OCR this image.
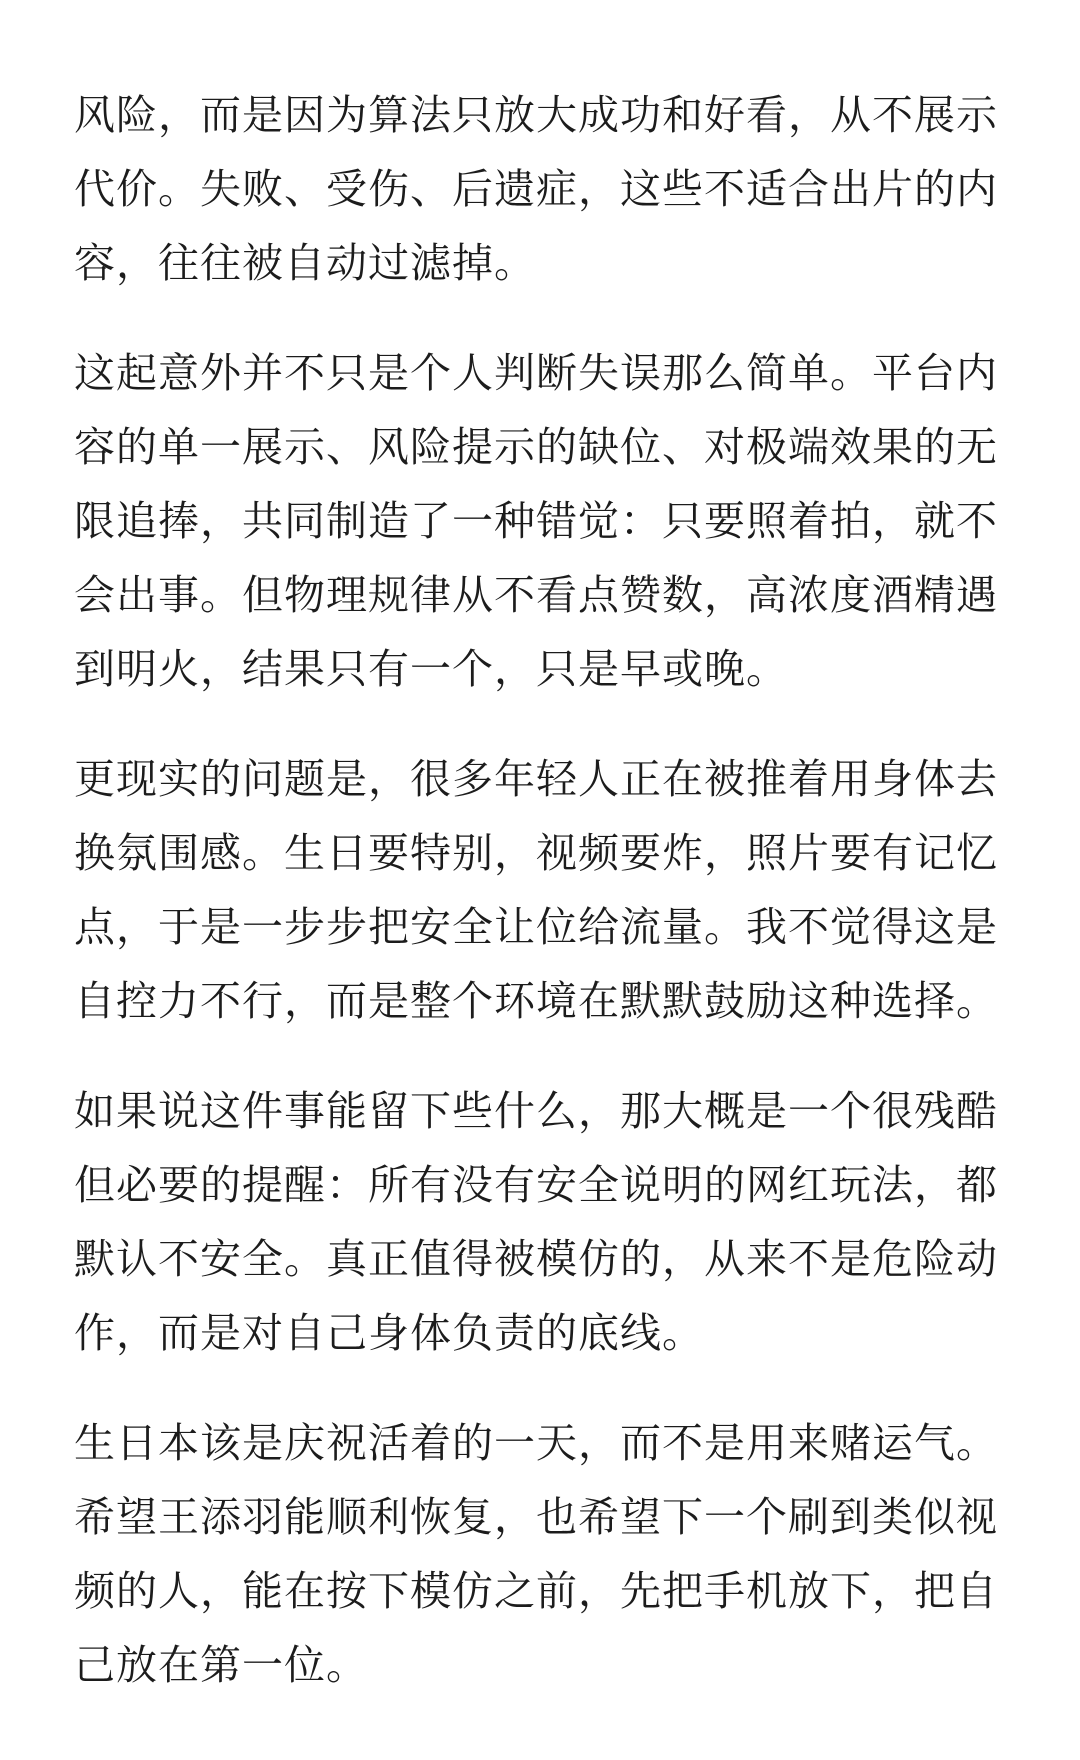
风险，而是因为算法只放大成功和好看，从不展示
代价。失败、受伤、后遗症，这些不适合出片的内
容，往往被自动过滤掉。

这起意外并不只是个人判断失误那么简单。平台内
容的单一展示、风险提示的缺位、对极端效果的无
限追捧，共同制造了一种错觉：只要照着拍，就不
会出事。但物理规律从不看点赞数，高浓度酒精遇
到明火，结果只有一个，只是早或晚。

更现实的问题是，很多年轻人正在被推着用身体去
换氛围感。生日要特别，视频要炸，照片要有记忆
点，于是一步步把安全让位给流量。我不觉得这是
自控力不行，而是整个环境在默默鼓励这种选择。

如果说这件事能留下些什么，那大概是一个很残酷
但必要的提醒：所有没有安全说明的网红玩法，都
默认不安全。真正值得被模仿的，从来不是危险动
作，而是对自己身体负责的底线。

生日本该是庆祝活着的一天，而不是用来赌运气。
希望王添羽能顺利恢复，也希望下一个刷到类似视
频的人，能在按下模仿之前，先把手机放下，把自
己放在第一位。
